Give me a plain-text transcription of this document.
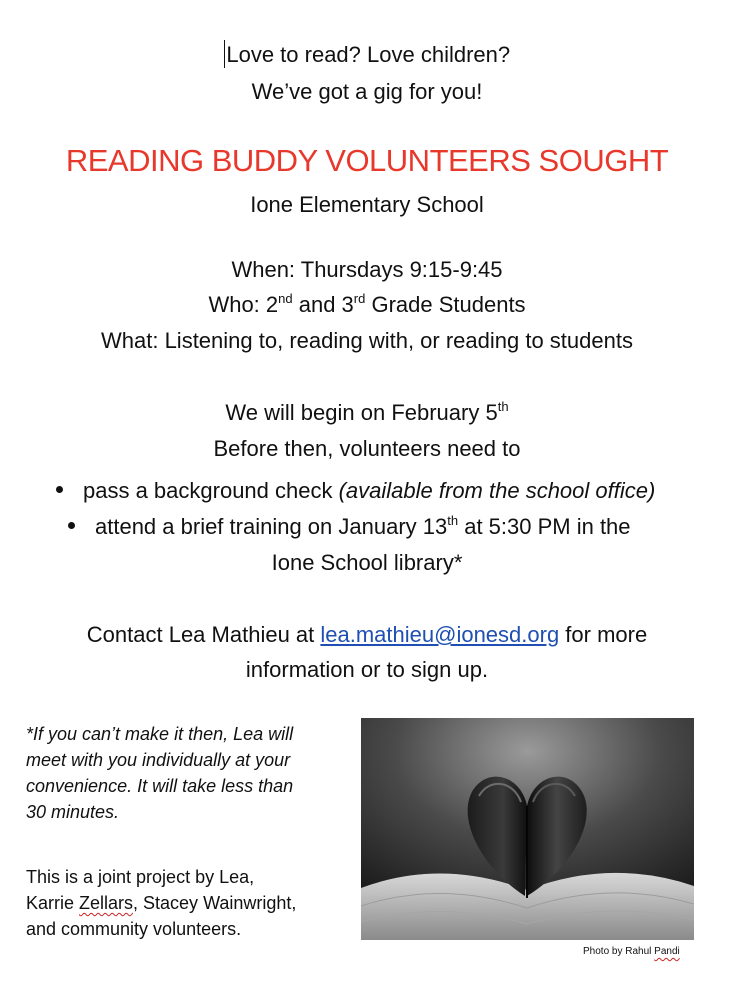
Love to read? Love children?
We’ve got a gig for you!
READING BUDDY VOLUNTEERS SOUGHT
Ione Elementary School
When: Thursdays 9:15-9:45
Who: 2nd and 3rd Grade Students
What: Listening to, reading with, or reading to students
We will begin on February 5th
Before then, volunteers need to
pass a background check (available from the school office)
attend a brief training on January 13th at 5:30 PM in the
Ione School library*
Contact Lea Mathieu at lea.mathieu@ionesd.org for more
information or to sign up.
*If you can’t make it then, Lea will
meet with you individually at your
convenience. It will take less than
30 minutes.
This is a joint project by Lea,
Karrie Zellars, Stacey Wainwright,
and community volunteers.
Photo by Rahul Pandi
